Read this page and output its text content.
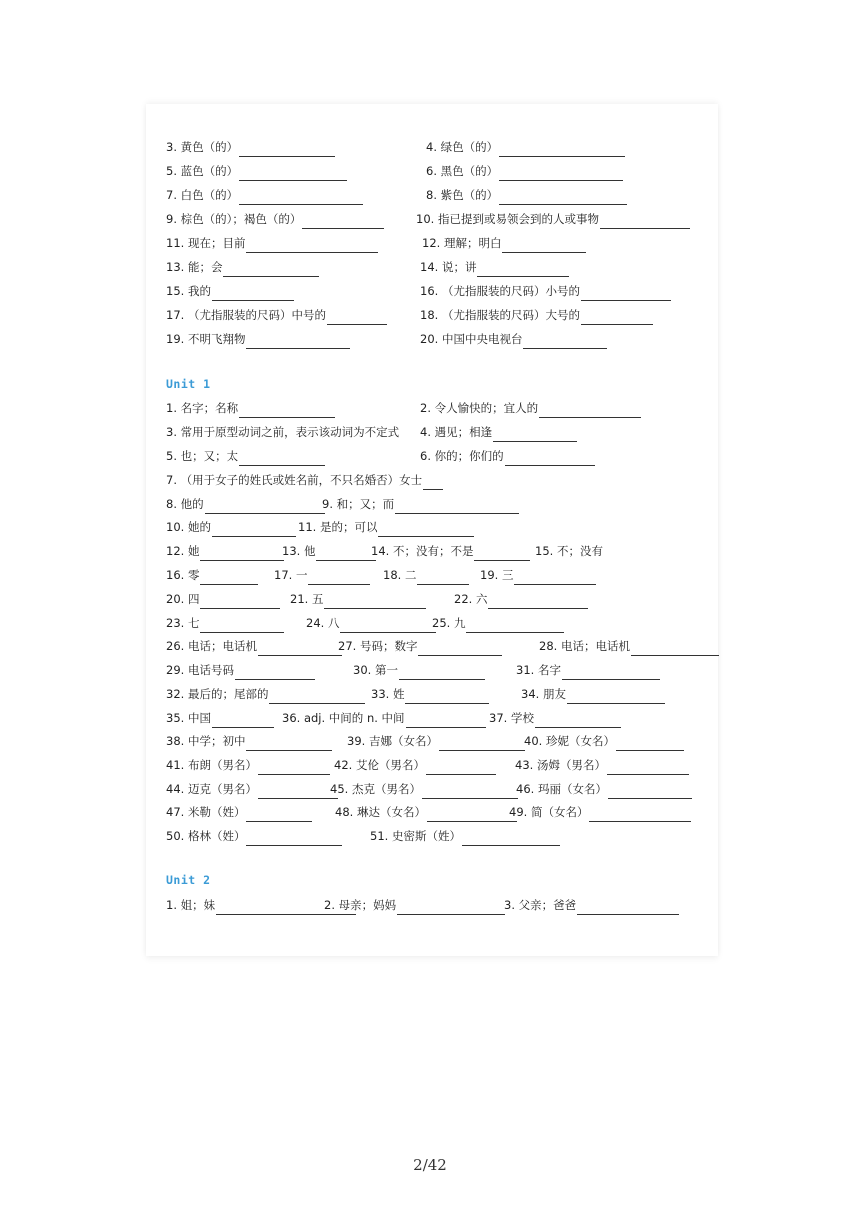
3. 黄色（的）	4. 绿色（的）
5. 蓝色（的）	6. 黑色（的）
7. 白色（的）	8. 紫色（的）
9. 棕色（的）；褐色（的）	10. 指已提到或易领会到的人或事物
11. 现在；目前	12. 理解；明白
13. 能；会	14. 说；讲
15. 我的	16. （尤指服装的尺码）小号的
17. （尤指服装的尺码）中号的	18. （尤指服装的尺码）大号的
19. 不明飞翔物	20. 中国中央电视台
Unit 1
1. 名字；名称	2. 令人愉快的；宜人的
3. 常用于原型动词之前，表示该动词为不定式 4. 遇见；相逢
5. 也；又；太	6. 你的；你们的
7. （用于女子的姓氏或姓名前，不只名婚否）女士
8. 他的	9. 和；又；而
10. 她的	11. 是的；可以
12. 她	13. 他	14. 不；没有；不是	15. 不；没有
16. 零	17. 一	18. 二	19. 三
20. 四	21. 五	22. 六
23. 七	24. 八	25. 九
26. 电话；电话机	27. 号码；数字	28. 电话；电话机
29. 电话号码	30. 第一	31. 名字
32. 最后的；尾部的	33. 姓	34. 朋友
35. 中国	36. adj. 中间的 n. 中间	37. 学校
38. 中学；初中	39. 吉娜（女名）	40. 珍妮（女名）
41. 布朗（男名）	42. 艾伦（男名）	43. 汤姆（男名）
44. 迈克（男名）	45. 杰克（男名）	46. 玛丽（女名）
47. 米勒（姓）	48. 琳达（女名）	49. 简（女名）
50. 格林（姓）	51. 史密斯（姓）
Unit 2
1. 姐；妹	2. 母亲；妈妈	3. 父亲；爸爸
2/42
